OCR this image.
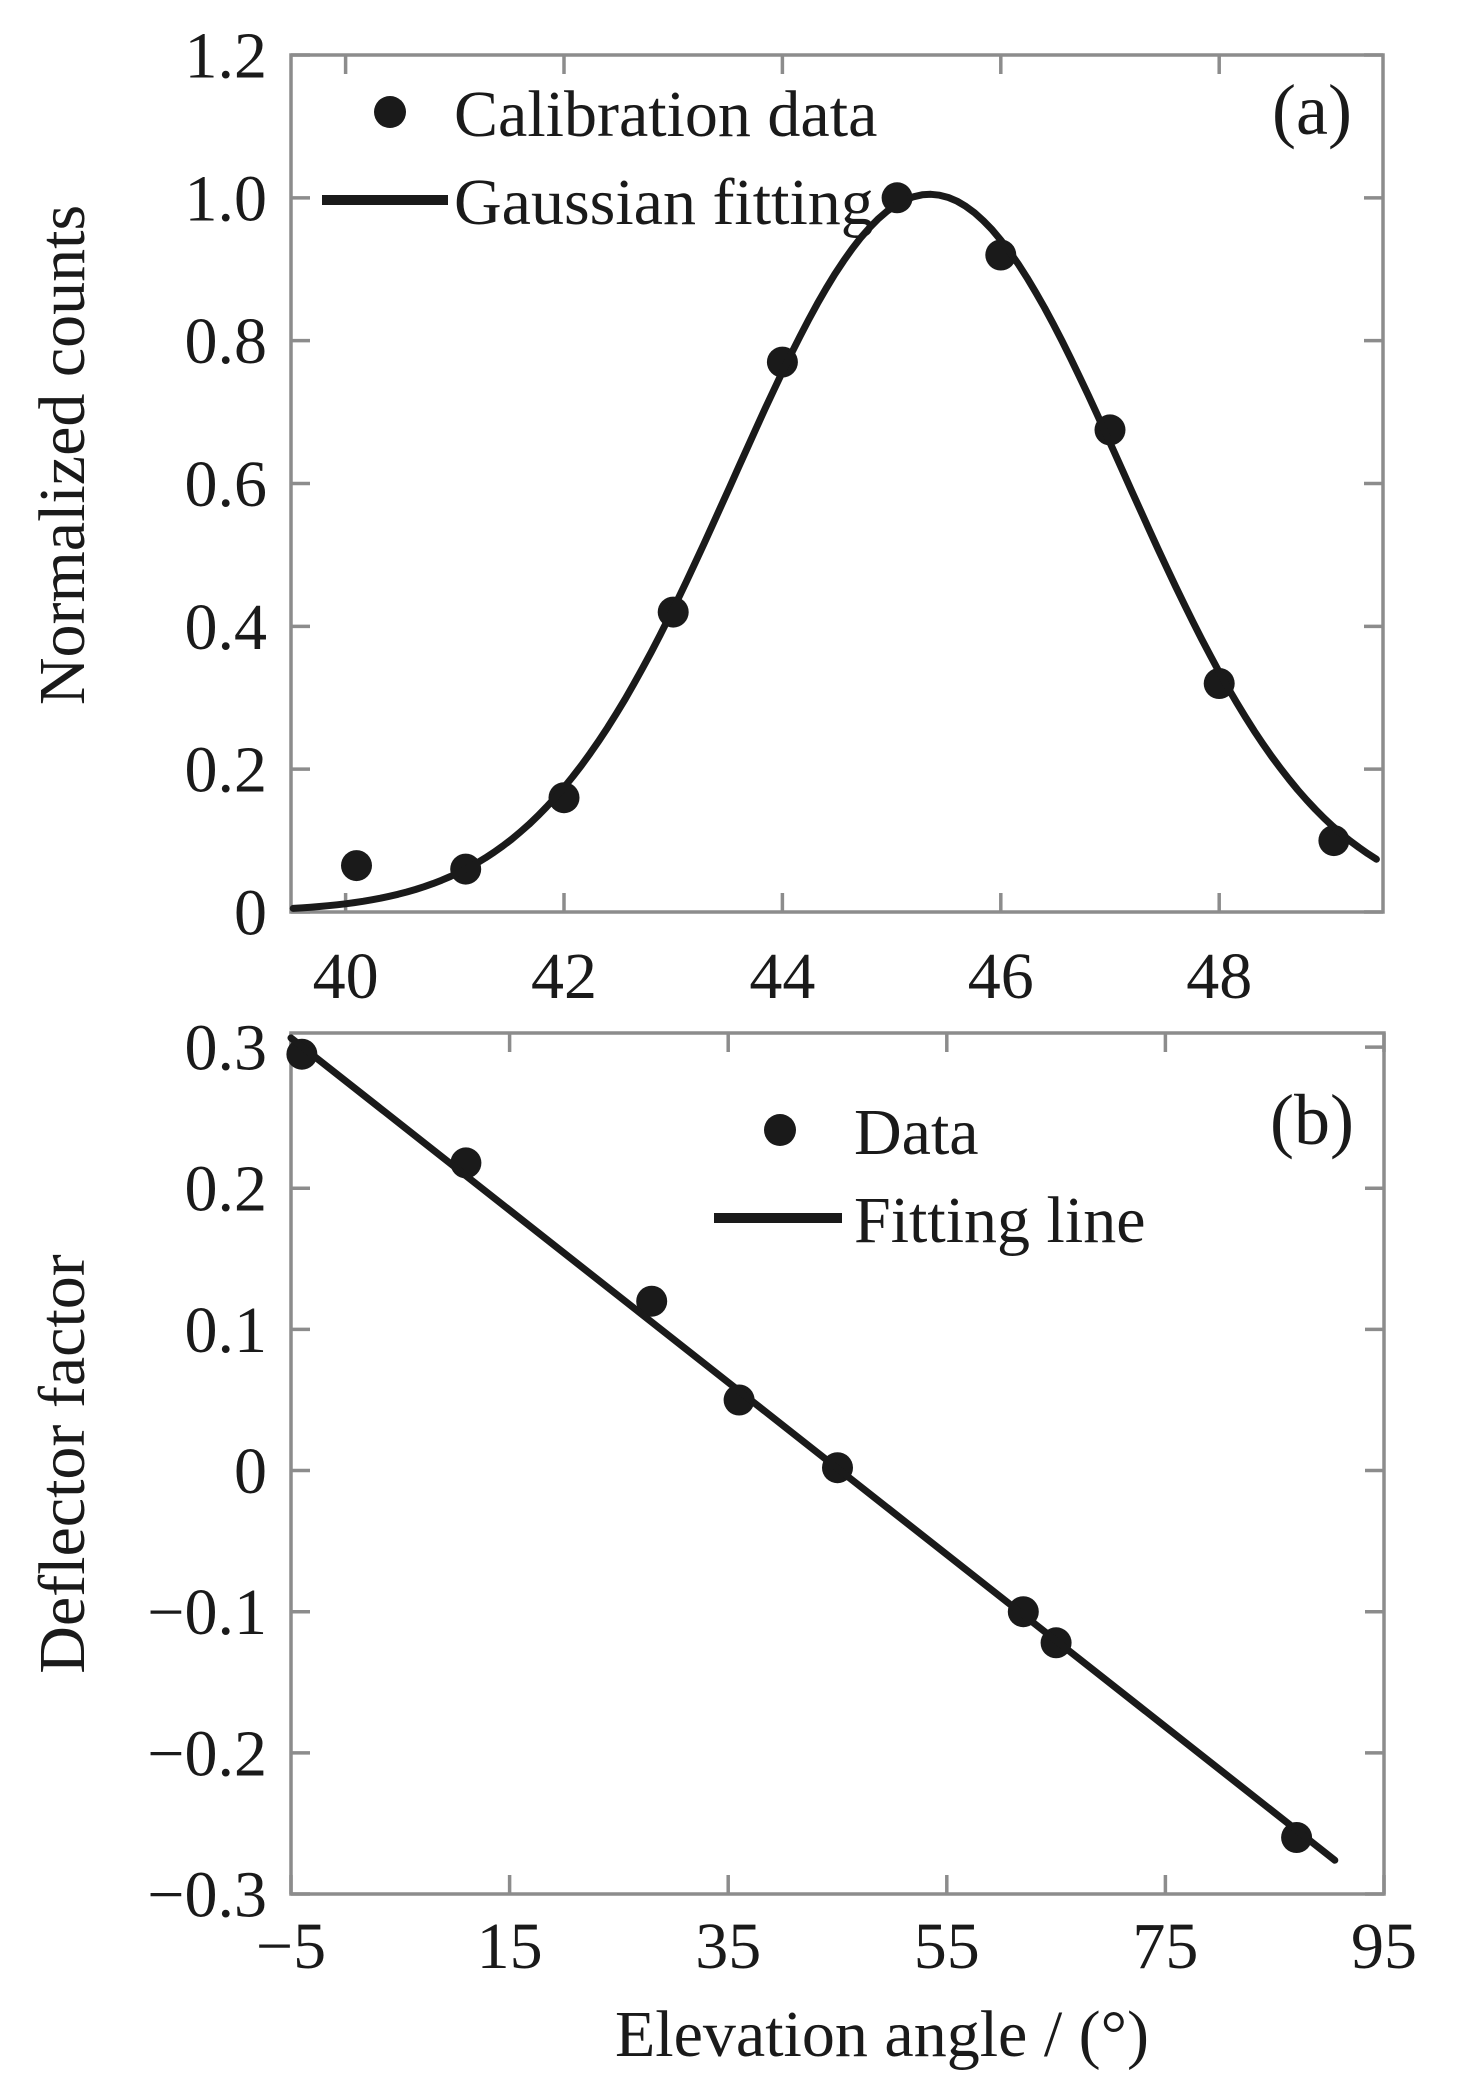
40 42 44 46 48
0
0.2
0.4
0.6
0.8
1.0
1.2
−5 15 35 55 75 95
0.3
0.2
0.1
0
−0.1
−0.2
−0.3
Normalized counts
(a)
Calibration data
Gaussian fitting
Deflector factor
Elevation angle / (°)
(b)
Data
Fitting line
